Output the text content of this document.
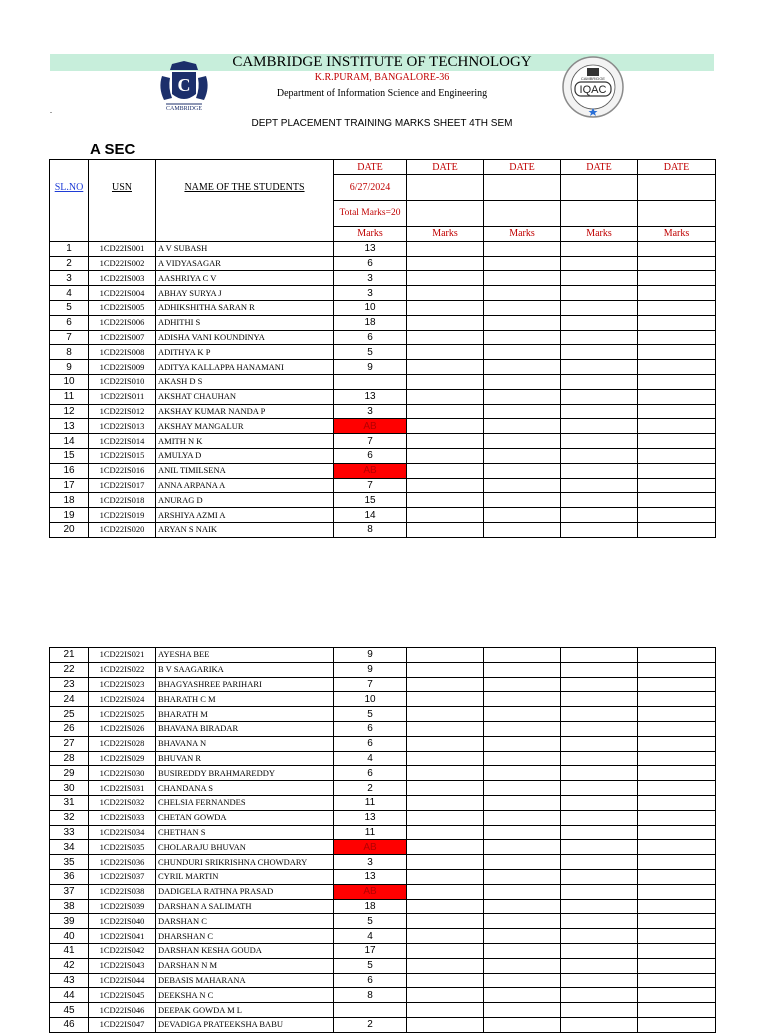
CAMBRIDGE INSTITUTE OF TECHNOLOGY
K.R.PURAM, BANGALORE-36
Department of Information Science and Engineering
.
DEPT PLACEMENT TRAINING MARKS SHEET 4TH SEM
A SEC
C
CAMBRIDGE
CAMBRIDGE
IQAC
			DATE	DATE	DATE	DATE	DATE
SL.NO	USN	NAME OF THE STUDENTS	6/27/2024				
			Total Marks=20				
			Marks	Marks	Marks	Marks	Marks
1	1CD22IS001	A V SUBASH	13				
2	1CD22IS002	A VIDYASAGAR	6				
3	1CD22IS003	AASHRIYA C V	3				
4	1CD22IS004	ABHAY SURYA J	3				
5	1CD22IS005	ADHIKSHITHA SARAN R	10				
6	1CD22IS006	ADHITHI S	18				
7	1CD22IS007	ADISHA VANI KOUNDINYA	6				
8	1CD22IS008	ADITHYA K P	5				
9	1CD22IS009	ADITYA KALLAPPA HANAMANI	9				
10	1CD22IS010	AKASH D S					
11	1CD22IS011	AKSHAT CHAUHAN	13				
12	1CD22IS012	AKSHAY KUMAR NANDA P	3				
13	1CD22IS013	AKSHAY MANGALUR	AB				
14	1CD22IS014	AMITH N K	7				
15	1CD22IS015	AMULYA D	6				
16	1CD22IS016	ANIL TIMILSENA	AB				
17	1CD22IS017	ANNA ARPANA A	7				
18	1CD22IS018	ANURAG D	15				
19	1CD22IS019	ARSHIYA AZMI A	14				
20	1CD22IS020	ARYAN S NAIK	8				
21	1CD22IS021	AYESHA BEE	9				
22	1CD22IS022	B V SAAGARIKA	9				
23	1CD22IS023	BHAGYASHREE PARIHARI	7				
24	1CD22IS024	BHARATH C M	10				
25	1CD22IS025	BHARATH M	5				
26	1CD22IS026	BHAVANA BIRADAR	6				
27	1CD22IS028	BHAVANA N	6				
28	1CD22IS029	BHUVAN R	4				
29	1CD22IS030	BUSIREDDY BRAHMAREDDY	6				
30	1CD22IS031	CHANDANA S	2				
31	1CD22IS032	CHELSIA FERNANDES	11				
32	1CD22IS033	CHETAN GOWDA	13				
33	1CD22IS034	CHETHAN S	11				
34	1CD22IS035	CHOLARAJU BHUVAN	AB				
35	1CD22IS036	CHUNDURI SRIKRISHNA CHOWDARY	3				
36	1CD22IS037	CYRIL MARTIN	13				
37	1CD22IS038	DADIGELA RATHNA PRASAD	AB				
38	1CD22IS039	DARSHAN A SALIMATH	18				
39	1CD22IS040	DARSHAN C	5				
40	1CD22IS041	DHARSHAN C	4				
41	1CD22IS042	DARSHAN KESHA GOUDA	17				
42	1CD22IS043	DARSHAN N M	5				
43	1CD22IS044	DEBASIS MAHARANA	6				
44	1CD22IS045	DEEKSHA N C	8				
45	1CD22IS046	DEEPAK GOWDA M L					
46	1CD22IS047	DEVADIGA PRATEEKSHA BABU	2				
